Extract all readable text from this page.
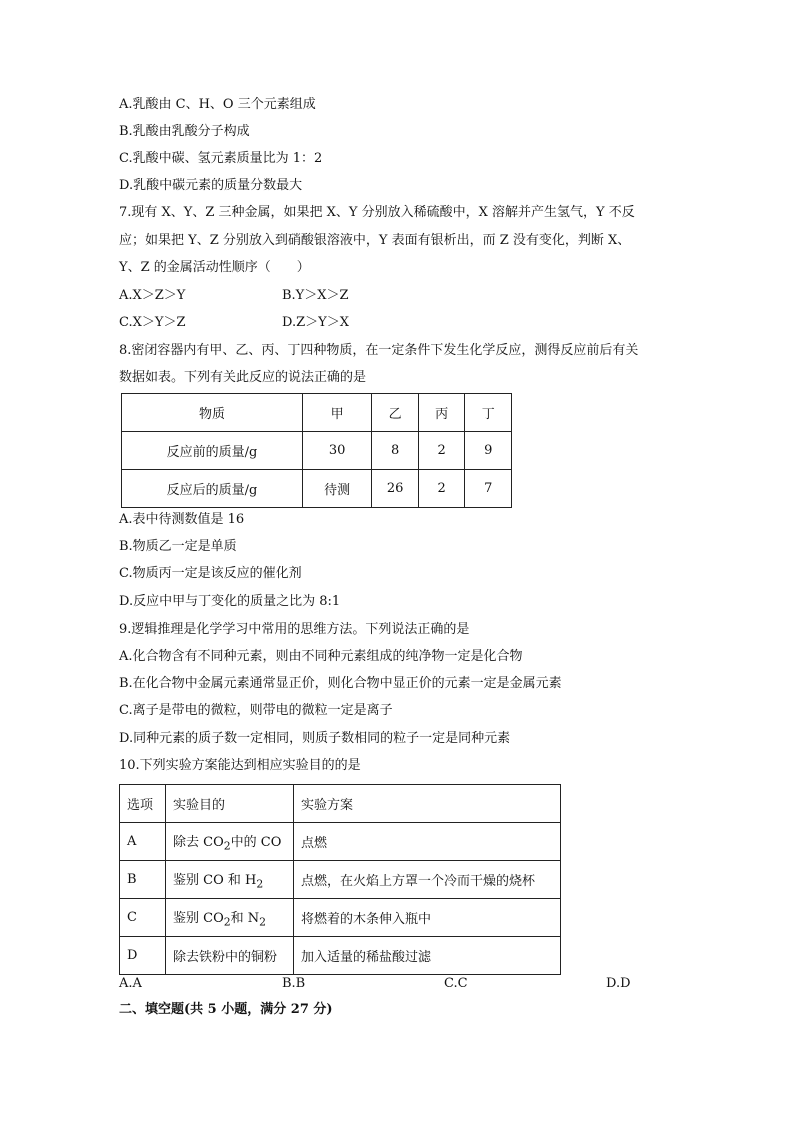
A.乳酸由 C、H、O 三个元素组成
B.乳酸由乳酸分子构成
C.乳酸中碳、氢元素质量比为 1：2
D.乳酸中碳元素的质量分数最大
7.现有 X、Y、Z 三种金属，如果把 X、Y 分别放入稀硫酸中，X 溶解并产生氢气，Y 不反
应；如果把 Y、Z 分别放入到硝酸银溶液中，Y 表面有银析出，而 Z 没有变化，判断 X、
Y、Z 的金属活动性顺序（　　）
A.X＞Z＞Y	B.Y＞X＞Z
C.X＞Y＞Z	D.Z＞Y＞X
8.密闭容器内有甲、乙、丙、丁四种物质，在一定条件下发生化学反应，测得反应前后有关
数据如表。下列有关此反应的说法正确的是
物质	甲	乙	丙	丁
反应前的质量/g	30	8	2	9
反应后的质量/g	待测	26	2	7
A.表中待测数值是 16
B.物质乙一定是单质
C.物质丙一定是该反应的催化剂
D.反应中甲与丁变化的质量之比为 8:1
9.逻辑推理是化学学习中常用的思维方法。下列说法正确的是
A.化合物含有不同种元素，则由不同种元素组成的纯净物一定是化合物
B.在化合物中金属元素通常显正价，则化合物中显正价的元素一定是金属元素
C.离子是带电的微粒，则带电的微粒一定是离子
D.同种元素的质子数一定相同，则质子数相同的粒子一定是同种元素
10.下列实验方案能达到相应实验目的的是
选项	实验目的	实验方案
A	除去 $CO_2$中的 CO	点燃
B	鉴别 CO 和 $H_2$	点燃，在火焰上方罩一个冷而干燥的烧杯
C	鉴别 $CO_2$和 $N_2$	将燃着的木条伸入瓶中
D	除去铁粉中的铜粉	加入适量的稀盐酸过滤
A.A	B.B	C.C	D.D
二、填空题(共 5 小题，满分 27 分)
